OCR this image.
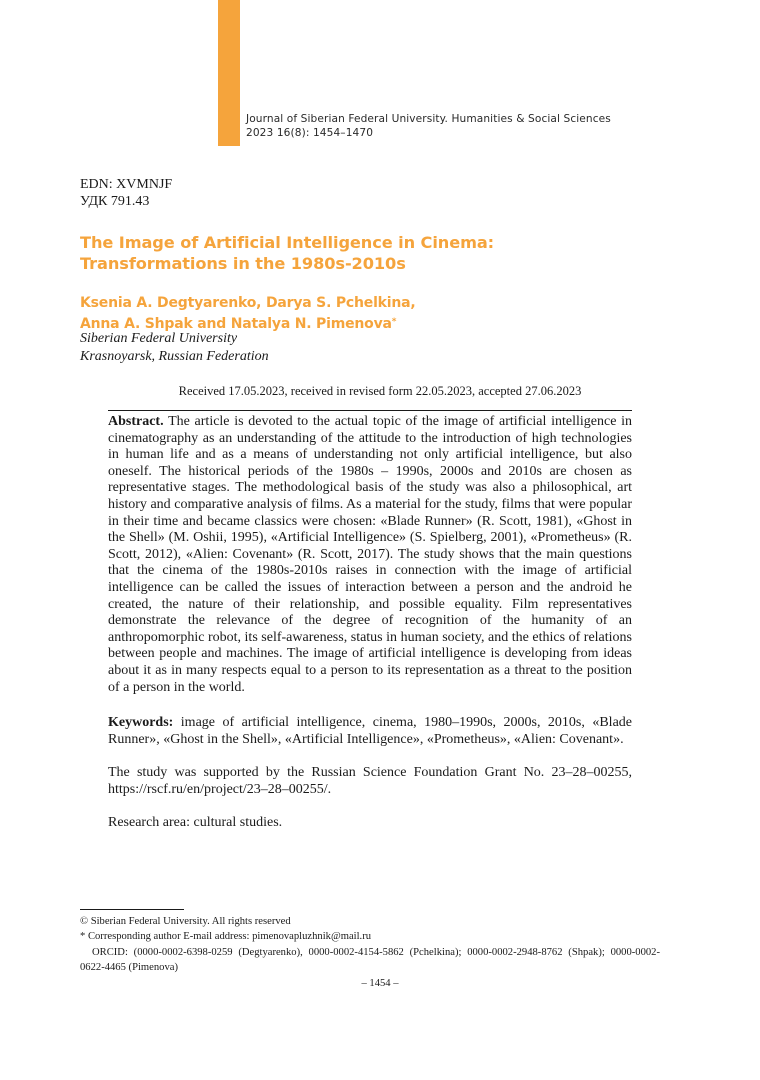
Journal of Siberian Federal University. Humanities & Social Sciences
2023 16(8): 1454–1470
EDN: XVMNJF
УДК 791.43
The Image of Artificial Intelligence in Cinema:
Transformations in the 1980s-2010s
Ksenia A. Degtyarenko, Darya S. Pchelkina,
Anna A. Shpak and Natalya N. Pimenova*
Siberian Federal University
Krasnoyarsk, Russian Federation
Received 17.05.2023, received in revised form 22.05.2023, accepted 27.06.2023
Abstract. The article is devoted to the actual topic of the image of artificial intelligence in cinematography as an understanding of the attitude to the introduction of high technologies in human life and as a means of understanding not only artificial intelligence, but also oneself. The historical periods of the 1980s – 1990s, 2000s and 2010s are chosen as representative stages. The methodological basis of the study was also a philosophical, art history and comparative analysis of films. As a material for the study, films that were popular in their time and became classics were chosen: «Blade Runner» (R. Scott, 1981), «Ghost in the Shell» (M. Oshii, 1995), «Artificial Intelligence» (S. Spielberg, 2001), «Prometheus» (R. Scott, 2012), «Alien: Covenant» (R. Scott, 2017). The study shows that the main questions that the cinema of the 1980s-2010s raises in connection with the image of artificial intelligence can be called the issues of interaction between a person and the android he created, the nature of their relationship, and possible equality. Film representatives demonstrate the relevance of the degree of recognition of the humanity of an anthropomorphic robot, its self-awareness, status in human society, and the ethics of relations between people and machines. The image of artificial intelligence is developing from ideas about it as in many respects equal to a person to its representation as a threat to the position of a person in the world.
Keywords: image of artificial intelligence, cinema, 1980–1990s, 2000s, 2010s, «Blade Runner», «Ghost in the Shell», «Artificial Intelligence», «Prometheus», «Alien: Covenant».
The study was supported by the Russian Science Foundation Grant No. 23–28–00255, https://rscf.ru/en/project/23–28–00255/.
Research area: cultural studies.
© Siberian Federal University. All rights reserved
* Corresponding author E-mail address: pimenovapluzhnik@mail.ru
ORCID: (0000-0002-6398-0259 (Degtyarenko), 0000-0002-4154-5862 (Pchelkina); 0000-0002-2948-8762 (Shpak); 0000-0002-0622-4465 (Pimenova)
– 1454 –
